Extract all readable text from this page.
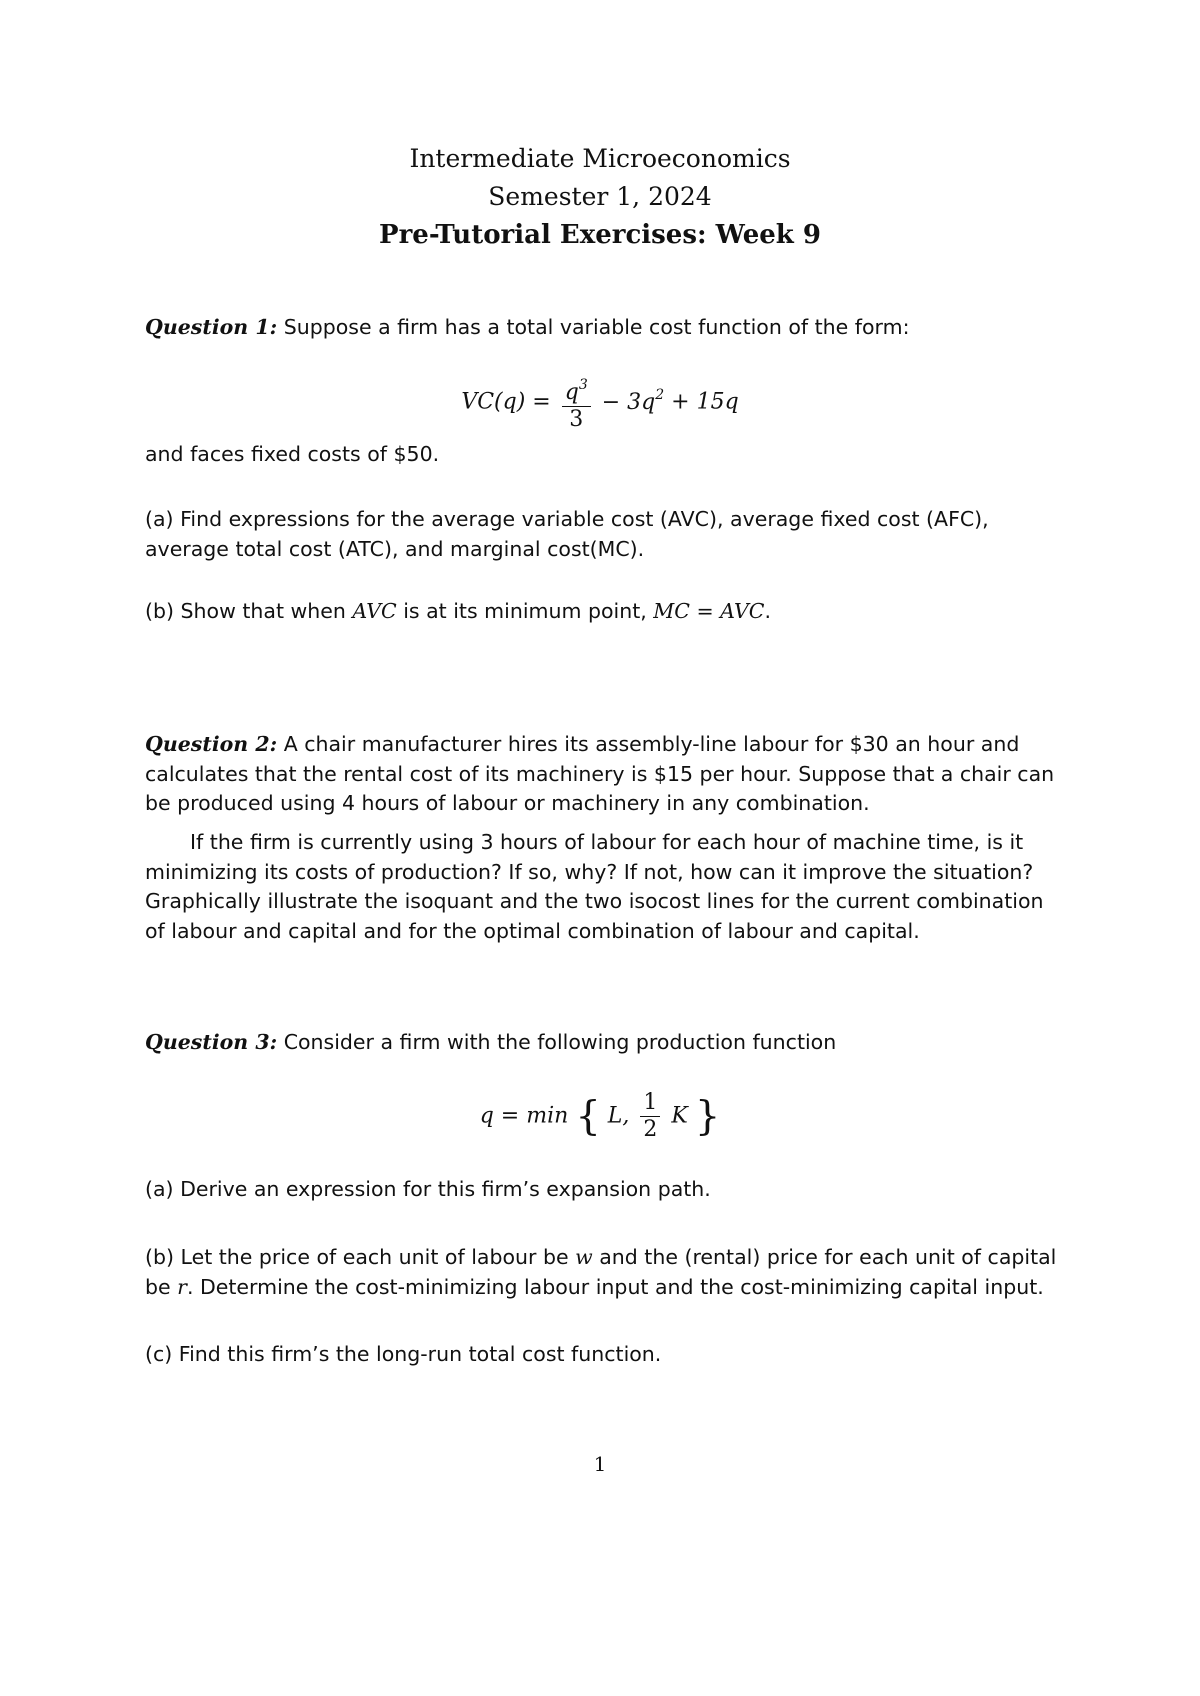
Intermediate Microeconomics
Semester 1, 2024
Pre-Tutorial Exercises: Week 9
Question 1: Suppose a firm has a total variable cost function of the form:
$VC(q) = \frac{q^3}{3} - 3q^2 + 15q$
and faces fixed costs of $50.
(a) Find expressions for the average variable cost (AVC), average fixed cost (AFC), average total cost (ATC), and marginal cost(MC).
(b) Show that when AVC is at its minimum point, MC = AVC.
Question 2: A chair manufacturer hires its assembly-line labour for $30 an hour and calculates that the rental cost of its machinery is $15 per hour. Suppose that a chair can be produced using 4 hours of labour or machinery in any combination.
If the firm is currently using 3 hours of labour for each hour of machine time, is it minimizing its costs of production? If so, why? If not, how can it improve the situation? Graphically illustrate the isoquant and the two isocost lines for the current combination of labour and capital and for the optimal combination of labour and capital.
Question 3: Consider a firm with the following production function
q = min { L, $\frac{1}{2}$ K }
(a) Derive an expression for this firm’s expansion path.
(b) Let the price of each unit of labour be w and the (rental) price for each unit of capital be r. Determine the cost-minimizing labour input and the cost-minimizing capital input.
(c) Find this firm’s the long-run total cost function.
1
